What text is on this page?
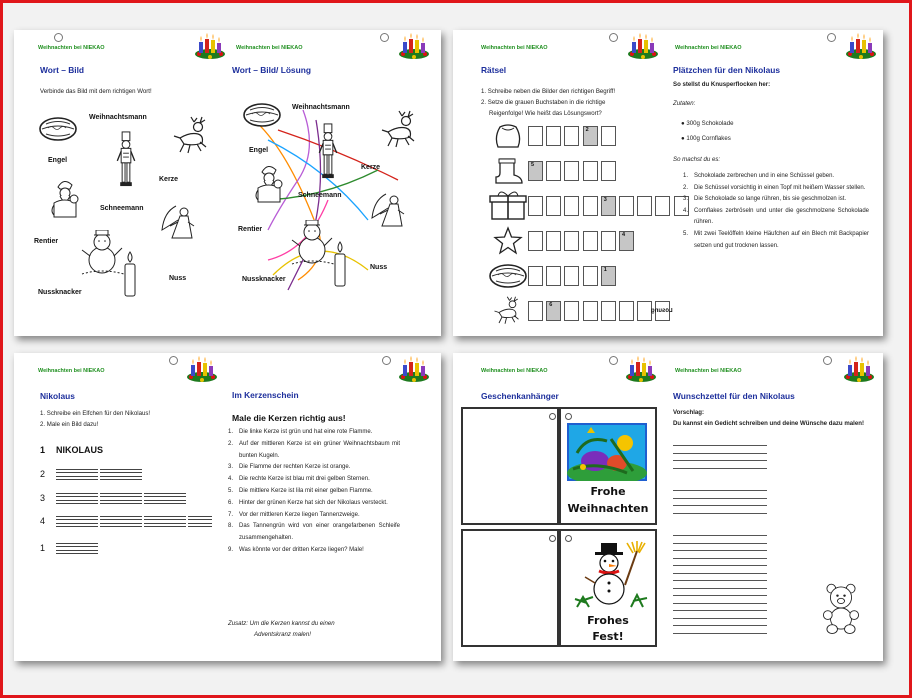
Weihnachten bei NIEKAO
Wort – Bild
Verbinde das Bild mit dem richtigen Wort!
Weihnachtsmann
Engel
Kerze
Schneemann
Rentier
Nuss
Nussknacker
Weihnachten bei NIEKAO
Wort – Bild/ Lösung
Weihnachtsmann
Engel
Kerze
Schneemann
Rentier
Nuss
Nussknacker
Weihnachten bei NIEKAO
Rätsel
1. Schreibe neben die Bilder den richtigen Begriff!
2. Setze die grauen Buchstaben in die richtige
Reigenfolge! Wie heißt das Lösungswort?
2
5
3
4
1
6
Lösung
Weihnachten bei NIEKAO
Plätzchen für den Nikolaus
So stellst du Knusperflocken her:
Zutaten:
● 300g Schokolade
● 100g Cornflakes
So machst du es:
1. Schokolade zerbrechen und in eine Schüssel geben.
2. Die Schüssel vorsichtig in einen Topf mit heißem Wasser stellen.
3. Die Schokolade so lange rühren, bis sie geschmolzen ist.
4. Cornflakes zerbröseln und unter die geschmolzene Schokolade rühren.
5. Mit zwei Teelöffeln kleine Häufchen auf ein Blech mit Backpapier setzen und gut trocknen lassen.
Weihnachten bei NIEKAO
Nikolaus
1. Schreibe ein Elfchen für den Nikolaus!
2. Male ein Bild dazu!
1 NIKOLAUS
2
3
4
1
Im Kerzenschein
Male die Kerzen richtig aus!
1. Die linke Kerze ist grün und hat eine rote Flamme.
2. Auf der mittleren Kerze ist ein grüner Weihnachtsbaum mit bunten Kugeln.
3. Die Flamme der rechten Kerze ist orange.
4. Die rechte Kerze ist blau mit drei gelben Sternen.
5. Die mittlere Kerze ist lila mit einer gelben Flamme.
6. Hinter der grünen Kerze hat sich der Nikolaus versteckt.
7. Vor der mittleren Kerze liegen Tannenzweige.
8. Das Tannengrün wird von einer orangefarbenen Schleife zusammengehalten.
9. Was könnte vor der dritten Kerze liegen? Male!
Zusatz: Um die Kerzen kannst du einen
Adventskranz malen!
Weihnachten bei NIEKAO
Geschenkanhänger
Frohe
Weihnachten
Frohes
Fest!
Weihnachten bei NIEKAO
Wunschzettel für den Nikolaus
Vorschlag:
Du kannst ein Gedicht schreiben und deine Wünsche dazu malen!
